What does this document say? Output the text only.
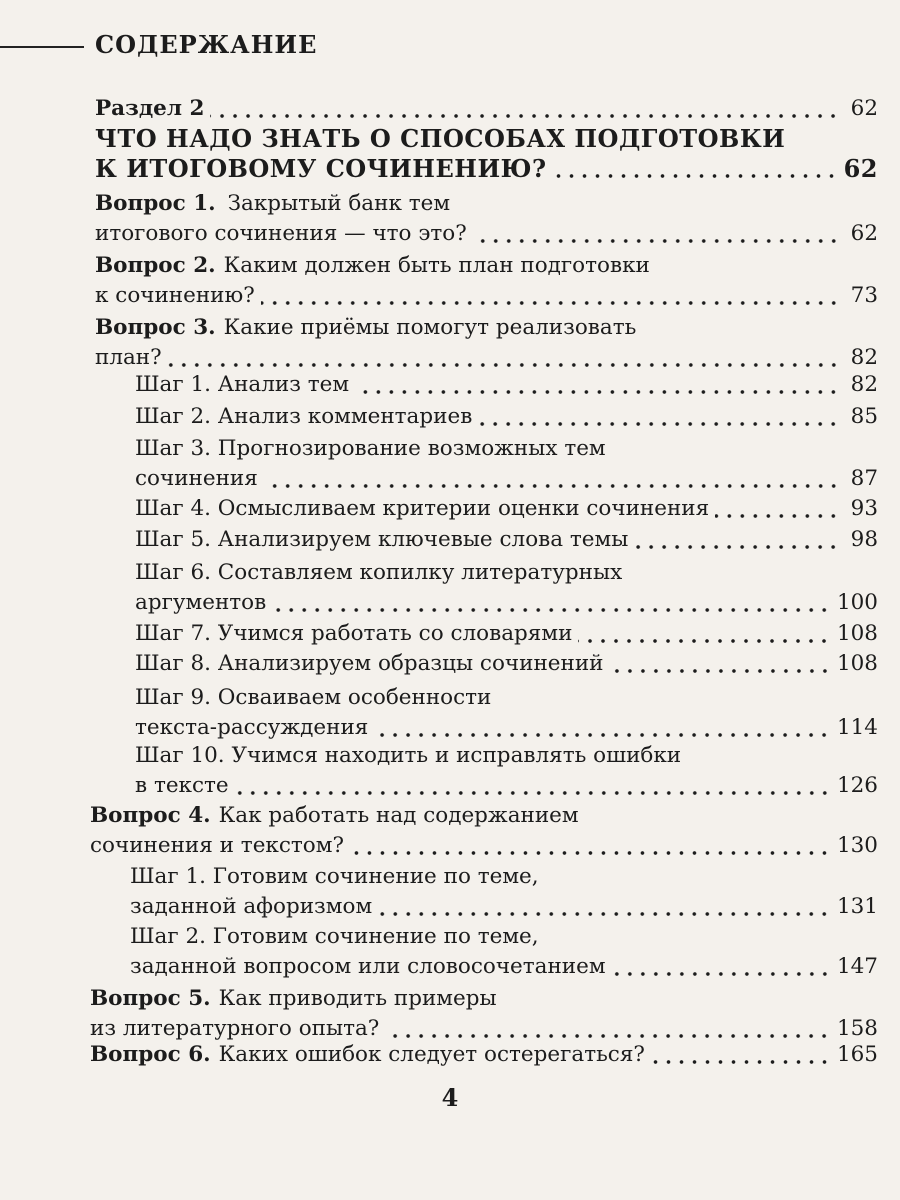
СОДЕРЖАНИЕ
Раздел 2	62
ЧТО НАДО ЗНАТЬ О СПОСОБАХ ПОДГОТОВКИ
К ИТОГОВОМУ СОЧИНЕНИЮ?	62
Вопрос 1. Закрытый банк тем
итогового сочинения — что это?	62
Вопрос 2. Каким должен быть план подготовки
к сочинению?	73
Вопрос 3. Какие приёмы помогут реализовать
план?	82
Шаг 1. Анализ тем	82
Шаг 2. Анализ комментариев	85
Шаг 3. Прогнозирование возможных тем
сочинения	87
Шаг 4. Осмысливаем критерии оценки сочинения	93
Шаг 5. Анализируем ключевые слова темы	98
Шаг 6. Составляем копилку литературных
аргументов	100
Шаг 7. Учимся работать со словарями	108
Шаг 8. Анализируем образцы сочинений	108
Шаг 9. Осваиваем особенности
текста-рассуждения	114
Шаг 10. Учимся находить и исправлять ошибки
в тексте	126
Вопрос 4. Как работать над содержанием
сочинения и текстом?	130
Шаг 1. Готовим сочинение по теме,
заданной афоризмом	131
Шаг 2. Готовим сочинение по теме,
заданной вопросом или словосочетанием	147
Вопрос 5. Как приводить примеры
из литературного опыта?	158
Вопрос 6. Каких ошибок следует остерегаться?	165
4
